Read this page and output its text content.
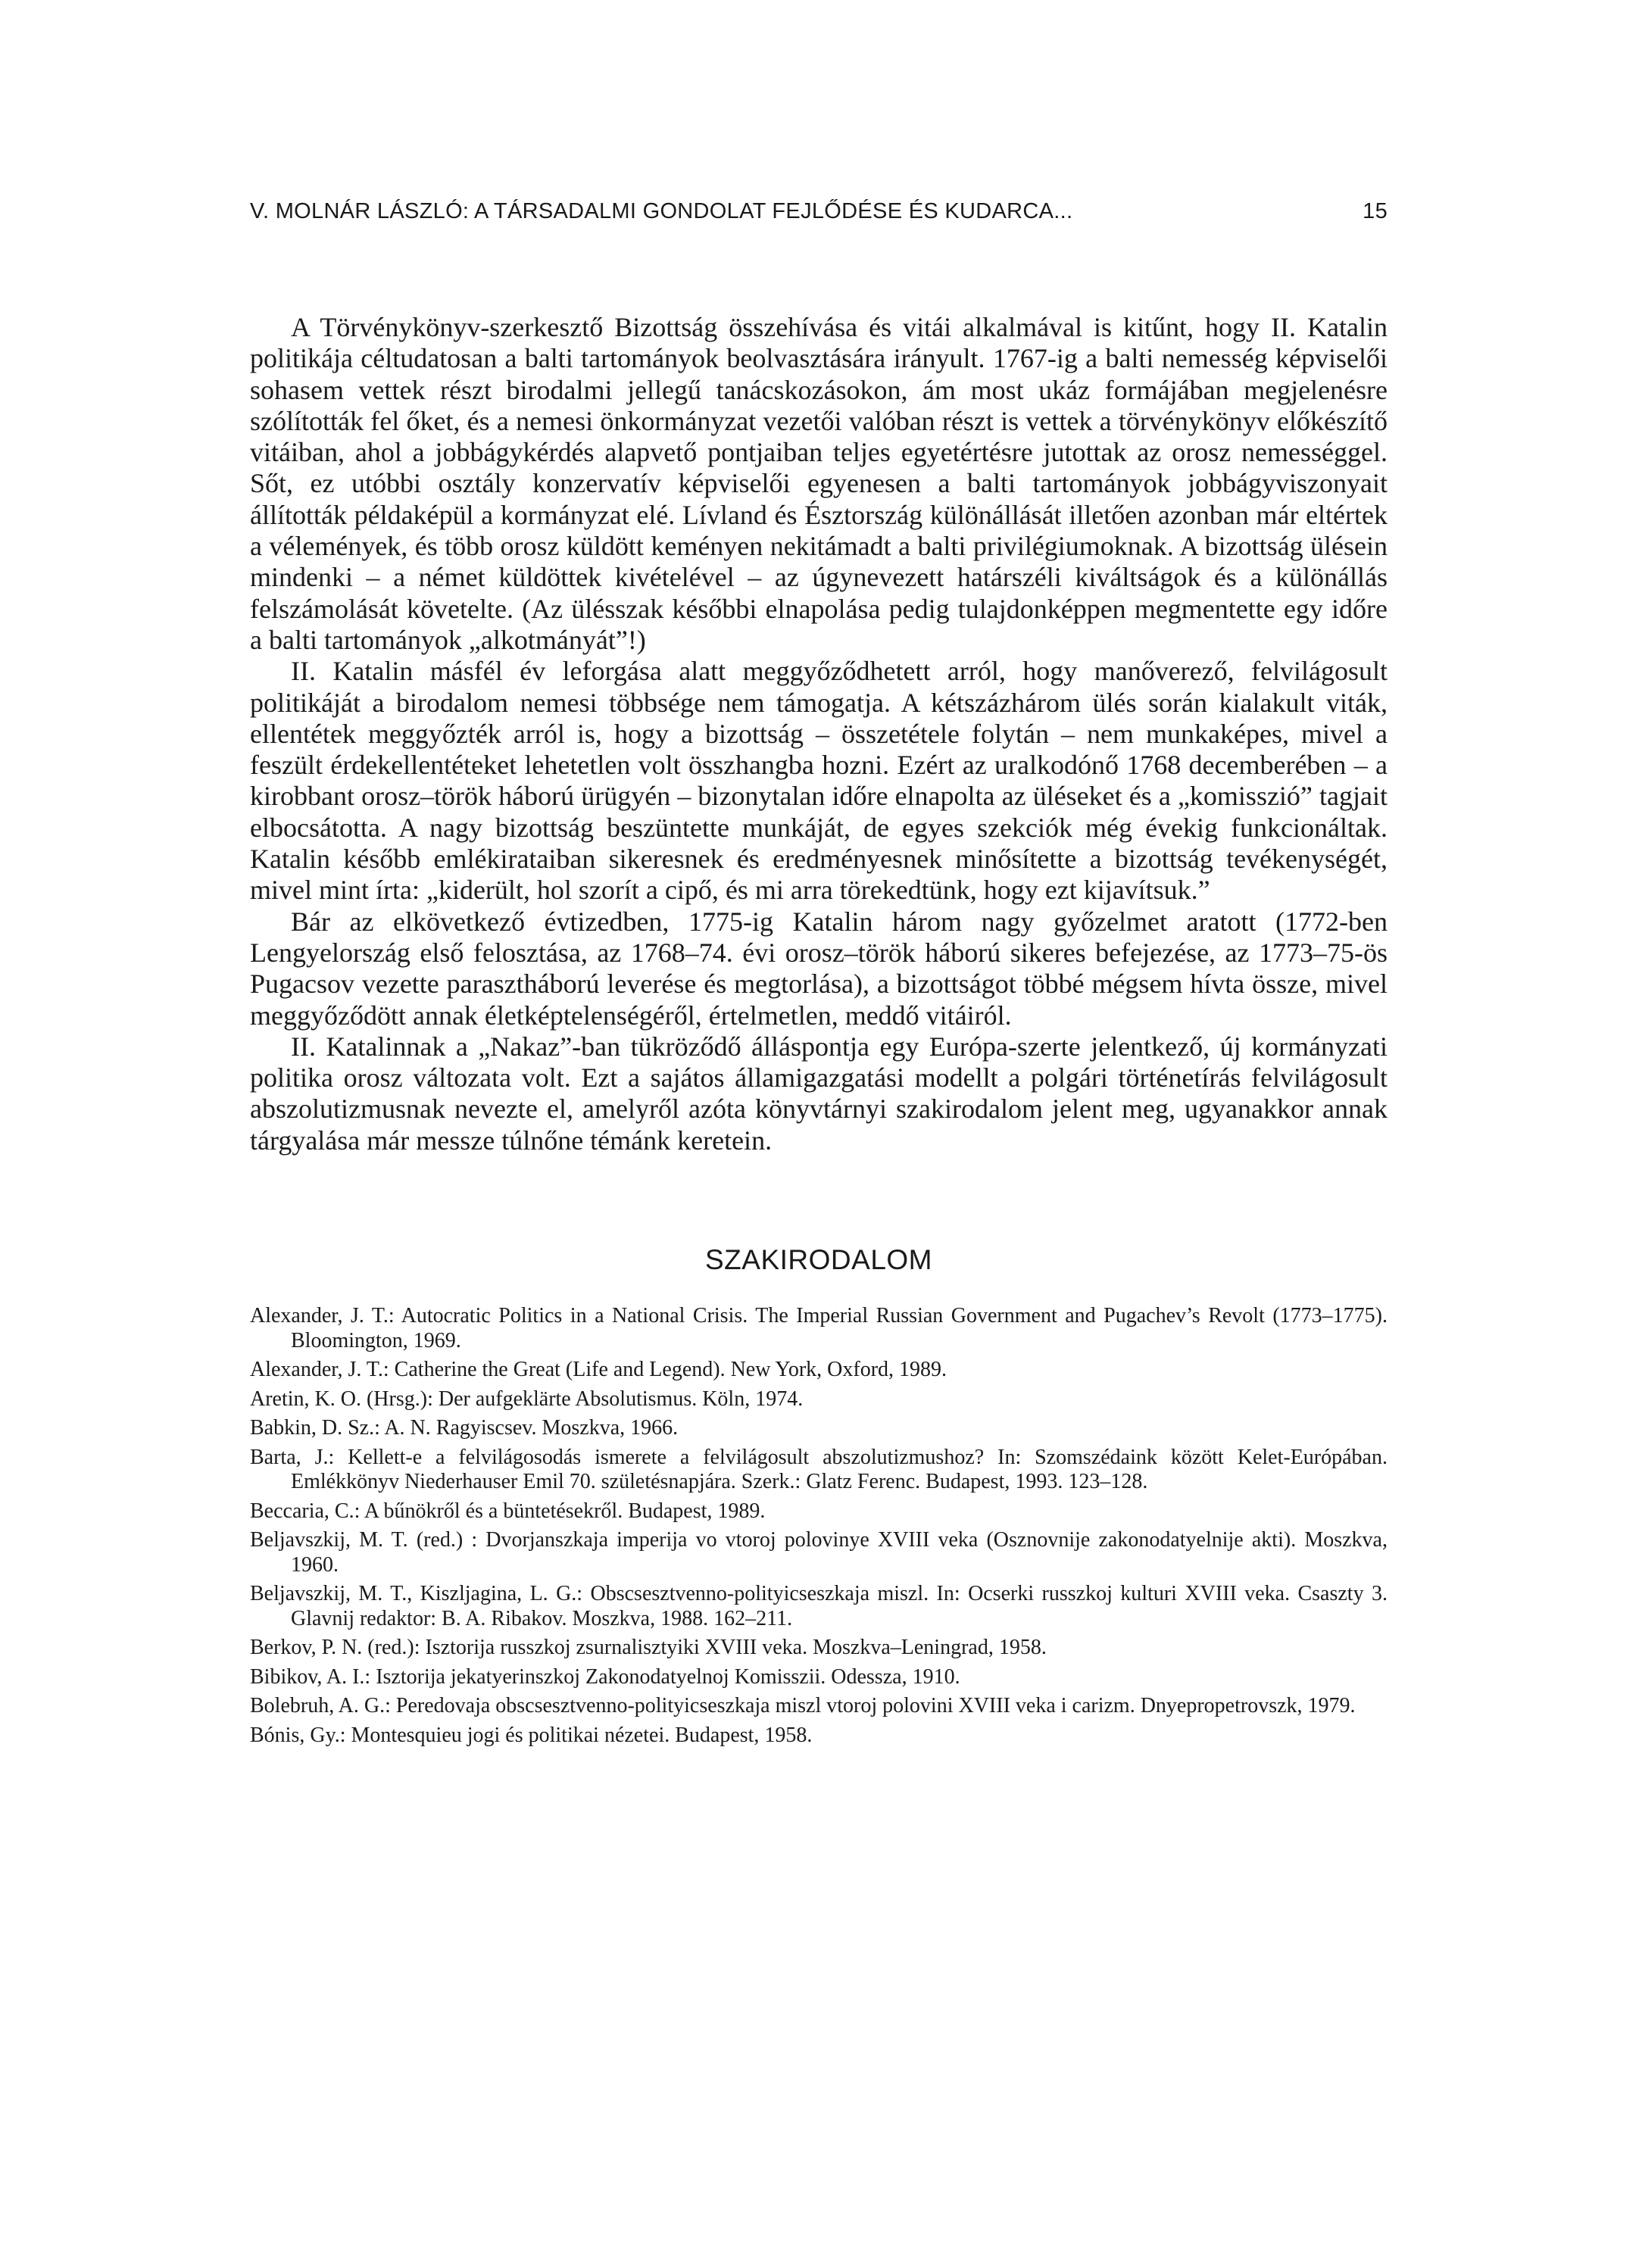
V. MOLNÁR LÁSZLÓ: A TÁRSADALMI GONDOLAT FEJLŐDÉSE ÉS KUDARCA...	15

A Törvénykönyv-szerkesztő Bizottság összehívása és vitái alkalmával is kitűnt, hogy II. Katalin politikája céltudatosan a balti tartományok beolvasztására irányult. 1767-ig a balti nemesség képviselői sohasem vettek részt birodalmi jellegű tanácskozásokon, ám most ukáz formájában megjelenésre szólították fel őket, és a nemesi önkormányzat vezetői valóban részt is vettek a törvénykönyv előkészítő vitáiban, ahol a jobbágykérdés alapvető pontjaiban teljes egyetértésre jutottak az orosz nemességgel. Sőt, ez utóbbi osztály konzervatív képviselői egyenesen a balti tartományok jobbágyviszonyait állították példaképül a kormányzat elé. Lívland és Észtország különállását illetően azonban már eltértek a vélemények, és több orosz küldött keményen nekitámadt a balti privilégiumoknak. A bizottság ülésein mindenki – a német küldöttek kivételével – az úgynevezett határszéli kiváltságok és a különállás felszámolását követelte. (Az ülésszak későbbi elnapolása pedig tulajdonképpen megmentette egy időre a balti tartományok „alkotmányát”!)

II. Katalin másfél év leforgása alatt meggyőződhetett arról, hogy manőverező, felvilágosult politikáját a birodalom nemesi többsége nem támogatja. A kétszázhárom ülés során kialakult viták, ellentétek meggyőzték arról is, hogy a bizottság – összetétele folytán – nem munkaképes, mivel a feszült érdekellentéteket lehetetlen volt összhangba hozni. Ezért az uralkodónő 1768 decemberében – a kirobbant orosz–török háború ürügyén – bizonytalan időre elnapolta az üléseket és a „komisszió” tagjait elbocsátotta. A nagy bizottság beszüntette munkáját, de egyes szekciók még évekig funkcionáltak. Katalin később emlékirataiban sikeresnek és eredményesnek minősítette a bizottság tevékenységét, mivel mint írta: „kiderült, hol szorít a cipő, és mi arra törekedtünk, hogy ezt kijavítsuk.”

Bár az elkövetkező évtizedben, 1775-ig Katalin három nagy győzelmet aratott (1772-ben Lengyelország első felosztása, az 1768–74. évi orosz–török háború sikeres befejezése, az 1773–75-ös Pugacsov vezette parasztháború leverése és megtorlása), a bizottságot többé mégsem hívta össze, mivel meggyőződött annak életképtelenségéről, értelmetlen, meddő vitáiról.

II. Katalinnak a „Nakaz”-ban tükröződő álláspontja egy Európa-szerte jelentkező, új kormányzati politika orosz változata volt. Ezt a sajátos államigazgatási modellt a polgári történetírás felvilágosult abszolutizmusnak nevezte el, amelyről azóta könyvtárnyi szakirodalom jelent meg, ugyanakkor annak tárgyalása már messze túlnőne témánk keretein.

SZAKIRODALOM

Alexander, J. T.: Autocratic Politics in a National Crisis. The Imperial Russian Government and Pugachev’s Revolt (1773–1775). Bloomington, 1969.

Alexander, J. T.: Catherine the Great (Life and Legend). New York, Oxford, 1989.

Aretin, K. O. (Hrsg.): Der aufgeklärte Absolutismus. Köln, 1974.

Babkin, D. Sz.: A. N. Ragyiscsev. Moszkva, 1966.

Barta, J.: Kellett-e a felvilágosodás ismerete a felvilágosult abszolutizmushoz? In: Szomszédaink között Kelet-Európában. Emlékkönyv Niederhauser Emil 70. születésnapjára. Szerk.: Glatz Ferenc. Budapest, 1993. 123–128.

Beccaria, C.: A bűnökről és a büntetésekről. Budapest, 1989.

Beljavszkij, M. T. (red.) : Dvorjanszkaja imperija vo vtoroj polovinye XVIII veka (Osznovnije zakonodatyelnije akti). Moszkva, 1960.

Beljavszkij, M. T., Kiszljagina, L. G.: Obscsesztvenno-polityicseszkaja miszl. In: Ocserki russzkoj kulturi XVIII veka. Csaszty 3. Glavnij redaktor: B. A. Ribakov. Moszkva, 1988. 162–211.

Berkov, P. N. (red.): Isztorija russzkoj zsurnalisztyiki XVIII veka. Moszkva–Leningrad, 1958.

Bibikov, A. I.: Isztorija jekatyerinszkoj Zakonodatyelnoj Komisszii. Odessza, 1910.

Bolebruh, A. G.: Peredovaja obscsesztvenno-polityicseszkaja miszl vtoroj polovini XVIII veka i carizm. Dnyepropetrovszk, 1979.

Bónis, Gy.: Montesquieu jogi és politikai nézetei. Budapest, 1958.
